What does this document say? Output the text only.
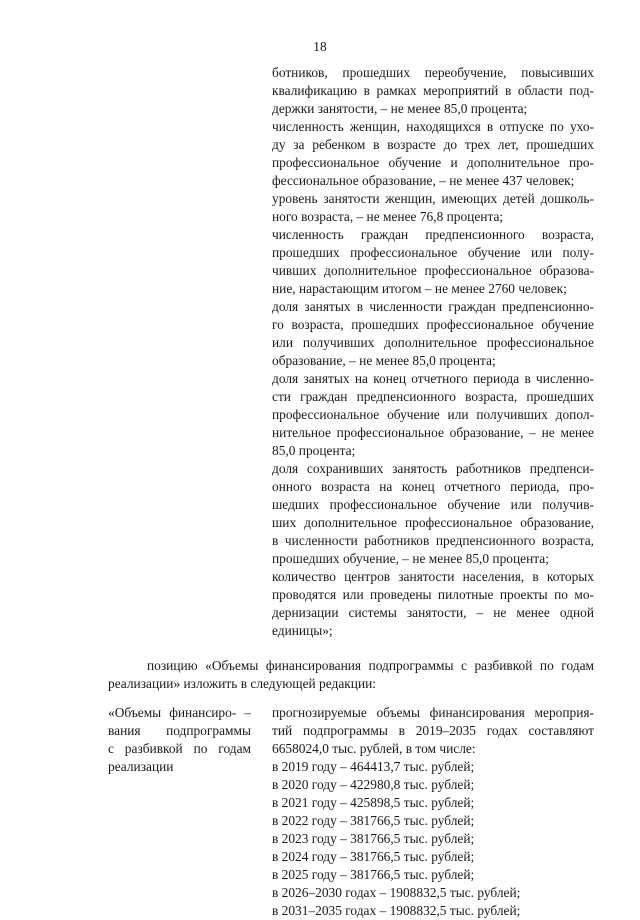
18
ботников, прошедших переобучение, повысивших
квалификацию в рамках мероприятий в области под-
держки занятости, – не менее 85,0 процента;
численность женщин, находящихся в отпуске по ухо-
ду за ребенком в возрасте до трех лет, прошедших
профессиональное обучение и дополнительное про-
фессиональное образование, – не менее 437 человек;
уровень занятости женщин, имеющих детей дошколь-
ного возраста, – не менее 76,8 процента;
численность граждан предпенсионного возраста,
прошедших профессиональное обучение или полу-
чивших дополнительное профессиональное образова-
ние, нарастающим итогом – не менее 2760 человек;
доля занятых в численности граждан предпенсионно-
го возраста, прошедших профессиональное обучение
или получивших дополнительное профессиональное
образование, – не менее 85,0 процента;
доля занятых на конец отчетного периода в численно-
сти граждан предпенсионного возраста, прошедших
профессиональное обучение или получивших допол-
нительное профессиональное образование, – не менее
85,0 процента;
доля сохранивших занятость работников предпенси-
онного возраста на конец отчетного периода, про-
шедших профессиональное обучение или получив-
ших дополнительное профессиональное образование,
в численности работников предпенсионного возраста,
прошедших обучение, – не менее 85,0 процента;
количество центров занятости населения, в которых
проводятся или проведены пилотные проекты по мо-
дернизации системы занятости, – не менее одной
единицы»;
позицию «Объемы финансирования подпрограммы с разбивкой по годам
реализации» изложить в следующей редакции:
«Объемы финансиро- –
вания подпрограммы
с разбивкой по годам
реализации
прогнозируемые объемы финансирования мероприя-
тий подпрограммы в 2019–2035 годах составляют
6658024,0 тыс. рублей, в том числе:
в 2019 году – 464413,7 тыс. рублей;
в 2020 году – 422980,8 тыс. рублей;
в 2021 году – 425898,5 тыс. рублей;
в 2022 году – 381766,5 тыс. рублей;
в 2023 году – 381766,5 тыс. рублей;
в 2024 году – 381766,5 тыс. рублей;
в 2025 году – 381766,5 тыс. рублей;
в 2026–2030 годах – 1908832,5 тыс. рублей;
в 2031–2035 годах – 1908832,5 тыс. рублей;
